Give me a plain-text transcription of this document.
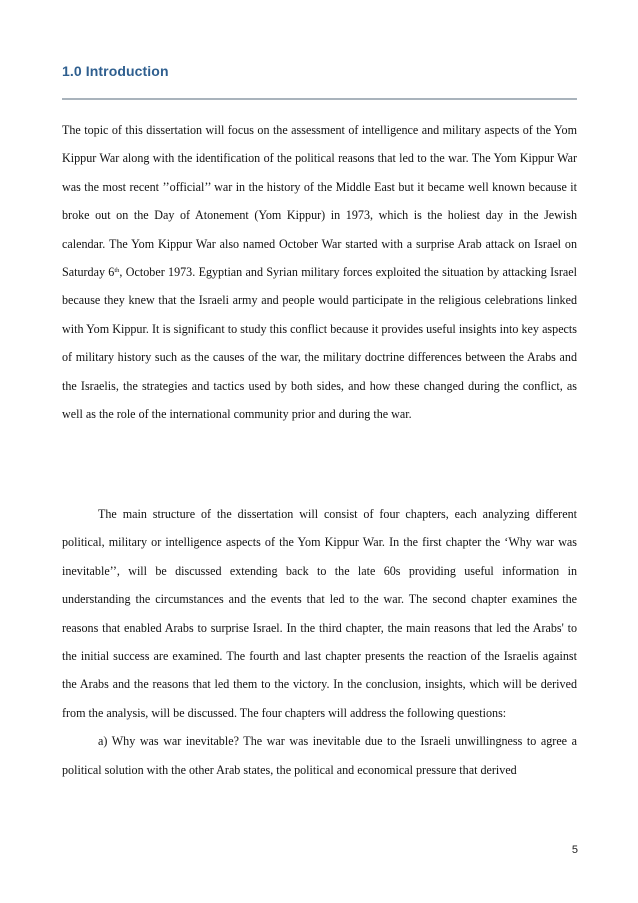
1.0 Introduction

The topic of this dissertation will focus on the assessment of intelligence and military aspects of the Yom Kippur War along with the identification of the political reasons that led to the war. The Yom Kippur War was the most recent ’’official’’ war in the history of the Middle East but it became well known because it broke out on the Day of Atonement (Yom Kippur) in 1973, which is the holiest day in the Jewish calendar. The Yom Kippur War also named October War started with a surprise Arab attack on Israel on Saturday 6th, October 1973. Egyptian and Syrian military forces exploited the situation by attacking Israel because they knew that the Israeli army and people would participate in the religious celebrations linked with Yom Kippur. It is significant to study this conflict because it provides useful insights into key aspects of military history such as the causes of the war, the military doctrine differences between the Arabs and the Israelis, the strategies and tactics used by both sides, and how these changed during the conflict, as well as the role of the international community prior and during the war.

The main structure of the dissertation will consist of four chapters, each analyzing different political, military or intelligence aspects of the Yom Kippur War. In the first chapter the ‘Why war was inevitable’’, will be discussed extending back to the late 60s providing useful information in understanding the circumstances and the events that led to the war. The second chapter examines the reasons that enabled Arabs to surprise Israel. In the third chapter, the main reasons that led the Arabs' to the initial success are examined. The fourth and last chapter presents the reaction of the Israelis against the Arabs and the reasons that led them to the victory. In the conclusion, insights, which will be derived from the analysis, will be discussed. The four chapters will address the following questions:

a) Why was war inevitable? The war was inevitable due to the Israeli unwillingness to agree a political solution with the other Arab states, the political and economical pressure that derived

5
